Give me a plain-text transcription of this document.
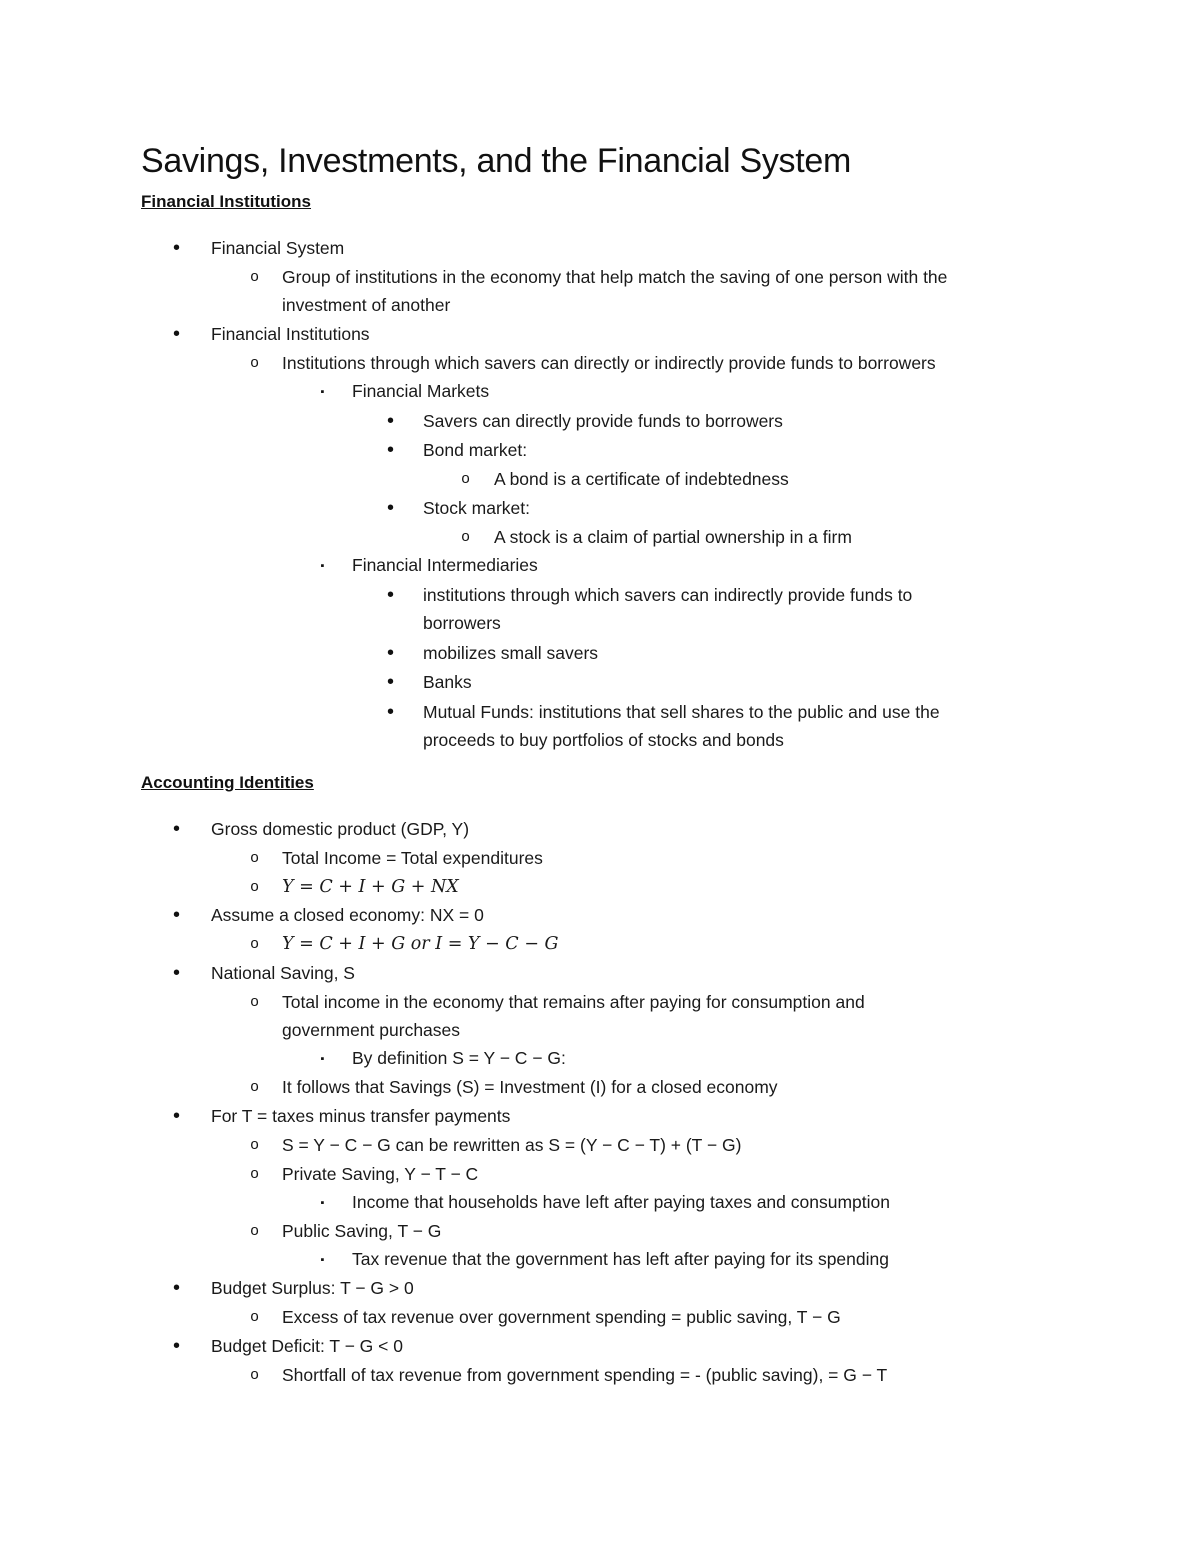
Savings, Investments, and the Financial System
Financial Institutions
• Financial System
o Group of institutions in the economy that help match the saving of one person with the
investment of another
• Financial Institutions
o Institutions through which savers can directly or indirectly provide funds to borrowers
▪ Financial Markets
• Savers can directly provide funds to borrowers
• Bond market:
o A bond is a certificate of indebtedness
• Stock market:
o A stock is a claim of partial ownership in a firm
▪ Financial Intermediaries
• institutions through which savers can indirectly provide funds to
borrowers
• mobilizes small savers
• Banks
• Mutual Funds: institutions that sell shares to the public and use the
proceeds to buy portfolios of stocks and bonds
Accounting Identities
• Gross domestic product (GDP, Y)
o Total Income = Total expenditures
o Y = C + I + G + NX
• Assume a closed economy: NX = 0
o Y = C + I + G or I = Y − C − G
• National Saving, S
o Total income in the economy that remains after paying for consumption and
government purchases
▪ By definition S = Y − C − G:
o It follows that Savings (S) = Investment (I) for a closed economy
• For T = taxes minus transfer payments
o S = Y − C − G can be rewritten as S = (Y − C − T) + (T − G)
o Private Saving, Y − T − C
▪ Income that households have left after paying taxes and consumption
o Public Saving, T − G
▪ Tax revenue that the government has left after paying for its spending
• Budget Surplus: T − G > 0
o Excess of tax revenue over government spending = public saving, T − G
• Budget Deficit: T − G < 0
o Shortfall of tax revenue from government spending = - (public saving), = G − T
